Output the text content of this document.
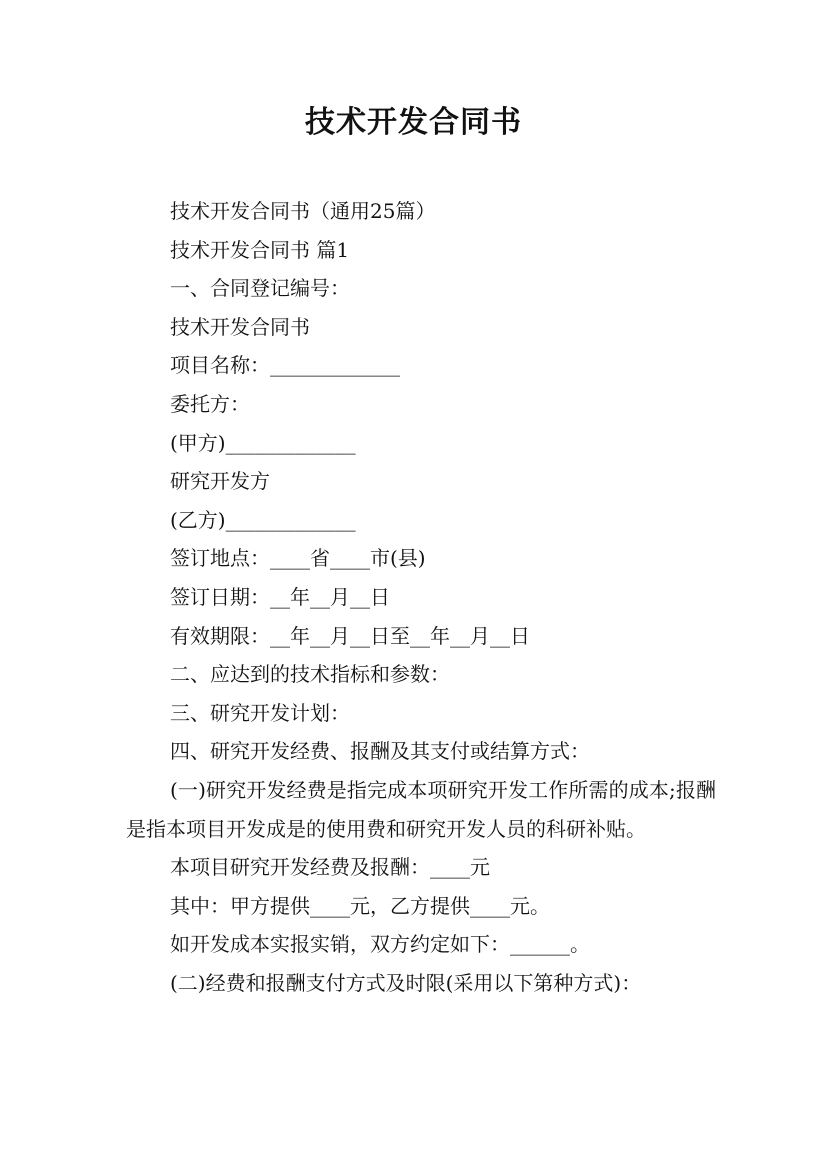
技术开发合同书

技术开发合同书（通用25篇）

技术开发合同书 篇1

一、合同登记编号：

技术开发合同书

项目名称：_____________

委托方：

(甲方)_____________

研究开发方

(乙方)_____________

签订地点：____省____市(县)

签订日期：__年__月__日

有效期限：__年__月__日至__年__月__日

二、应达到的技术指标和参数：

三、研究开发计划：

四、研究开发经费、报酬及其支付或结算方式：

(一)研究开发经费是指完成本项研究开发工作所需的成本;报酬是指本项目开发成是的使用费和研究开发人员的科研补贴。

本项目研究开发经费及报酬：____元

其中：甲方提供____元，乙方提供____元。

如开发成本实报实销，双方约定如下：______。

(二)经费和报酬支付方式及时限(采用以下第种方式)：
